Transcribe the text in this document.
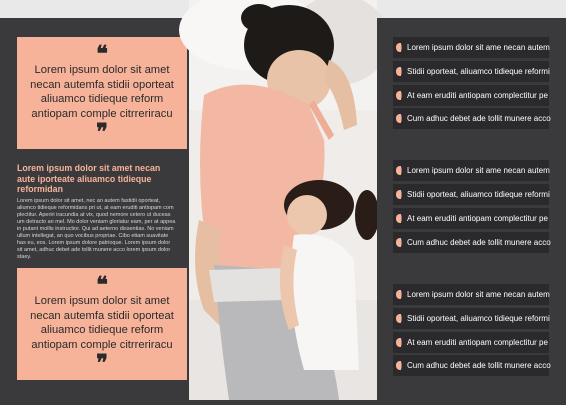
❝
Lorem ipsum dolor sit amet necan autemfa stidii oporteat aliuamco tidieque reform antiopam comple citrreriracu
❞

Lorem ipsum dolor sit amet necan aute iporteate aliuamco tidieque reformidan

Lorem ipsum dolor sit amet, nec an autem fastidii oporteat, aliumco tidieque reformidans pri ut, at eam eruditi antiopam com plectitur. Aperiri iracundia at vix, quod nemore cetero ut duceas um detracto an mel. Mo dolor veniam gloriatur eam, per at appea in putant mollis instructior. Qui ad aeterno dissentias. No veniam ullum intellegat, an quo vocibus propriae. Cibo etiam suavitate has eu, eos. Lorem ipsum dolore patrioque. Lorem ipsum dolor sit amet, adhuc debet ade tollit munere acco lorem ipsum dolor staey.

❝
Lorem ipsum dolor sit amet necan autemfa stidii oporteat aliuamco tidieque reform antiopam comple citrreriracu
❞
Lorem ipsum dolor sit ame necan autem
Stidii oporteat, aliuamco tidieque reformi
At eam eruditi antiopam complectitur pe
Cum adhuc debet ade tollit munere acco
Lorem ipsum dolor sit ame necan autem
Stidii oporteat, aliuamco tidieque reformi
At eam eruditi antiopam complectitur pe
Cum adhuc debet ade tollit munere acco
Lorem ipsum dolor sit ame necan autem
Stidii oporteat, aliuamco tidieque reformi
At eam eruditi antiopam complectitur pe
Cum adhuc debet ade tollit munere acco
